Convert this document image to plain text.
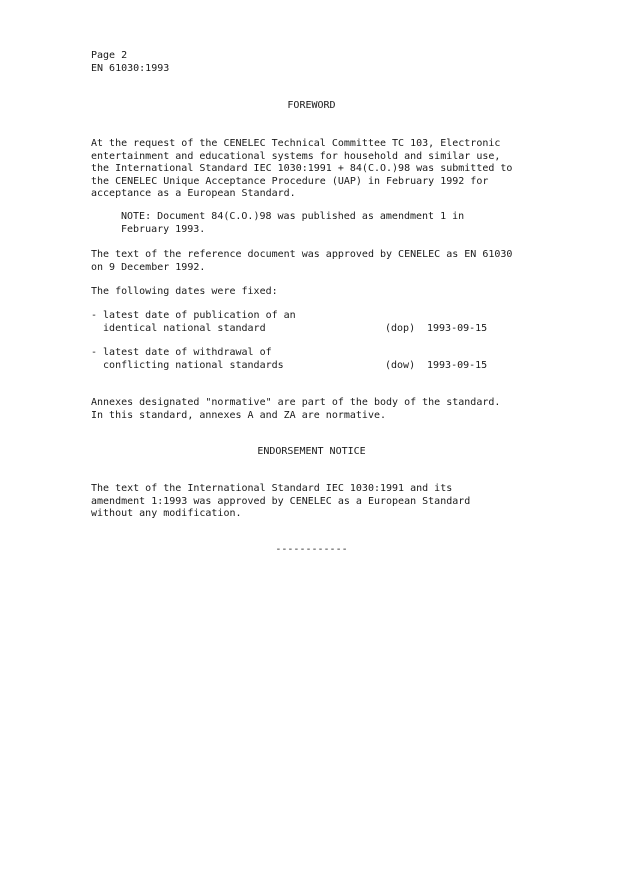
Page 2
EN 61030:1993
FOREWORD
At the request of the CENELEC Technical Committee TC 103, Electronic
entertainment and educational systems for household and similar use,
the International Standard IEC 1030:1991 + 84(C.O.)98 was submitted to
the CENELEC Unique Acceptance Procedure (UAP) in February 1992 for
acceptance as a European Standard.
NOTE: Document 84(C.O.)98 was published as amendment 1 in
February 1993.
The text of the reference document was approved by CENELEC as EN 61030
on 9 December 1992.
The following dates were fixed:
- latest date of publication of an
identical national standard	(dop) 1993-09-15
- latest date of withdrawal of
conflicting national standards	(dow) 1993-09-15
Annexes designated "normative" are part of the body of the standard.
In this standard, annexes A and ZA are normative.
ENDORSEMENT NOTICE
The text of the International Standard IEC 1030:1991 and its
amendment 1:1993 was approved by CENELEC as a European Standard
without any modification.
------------
